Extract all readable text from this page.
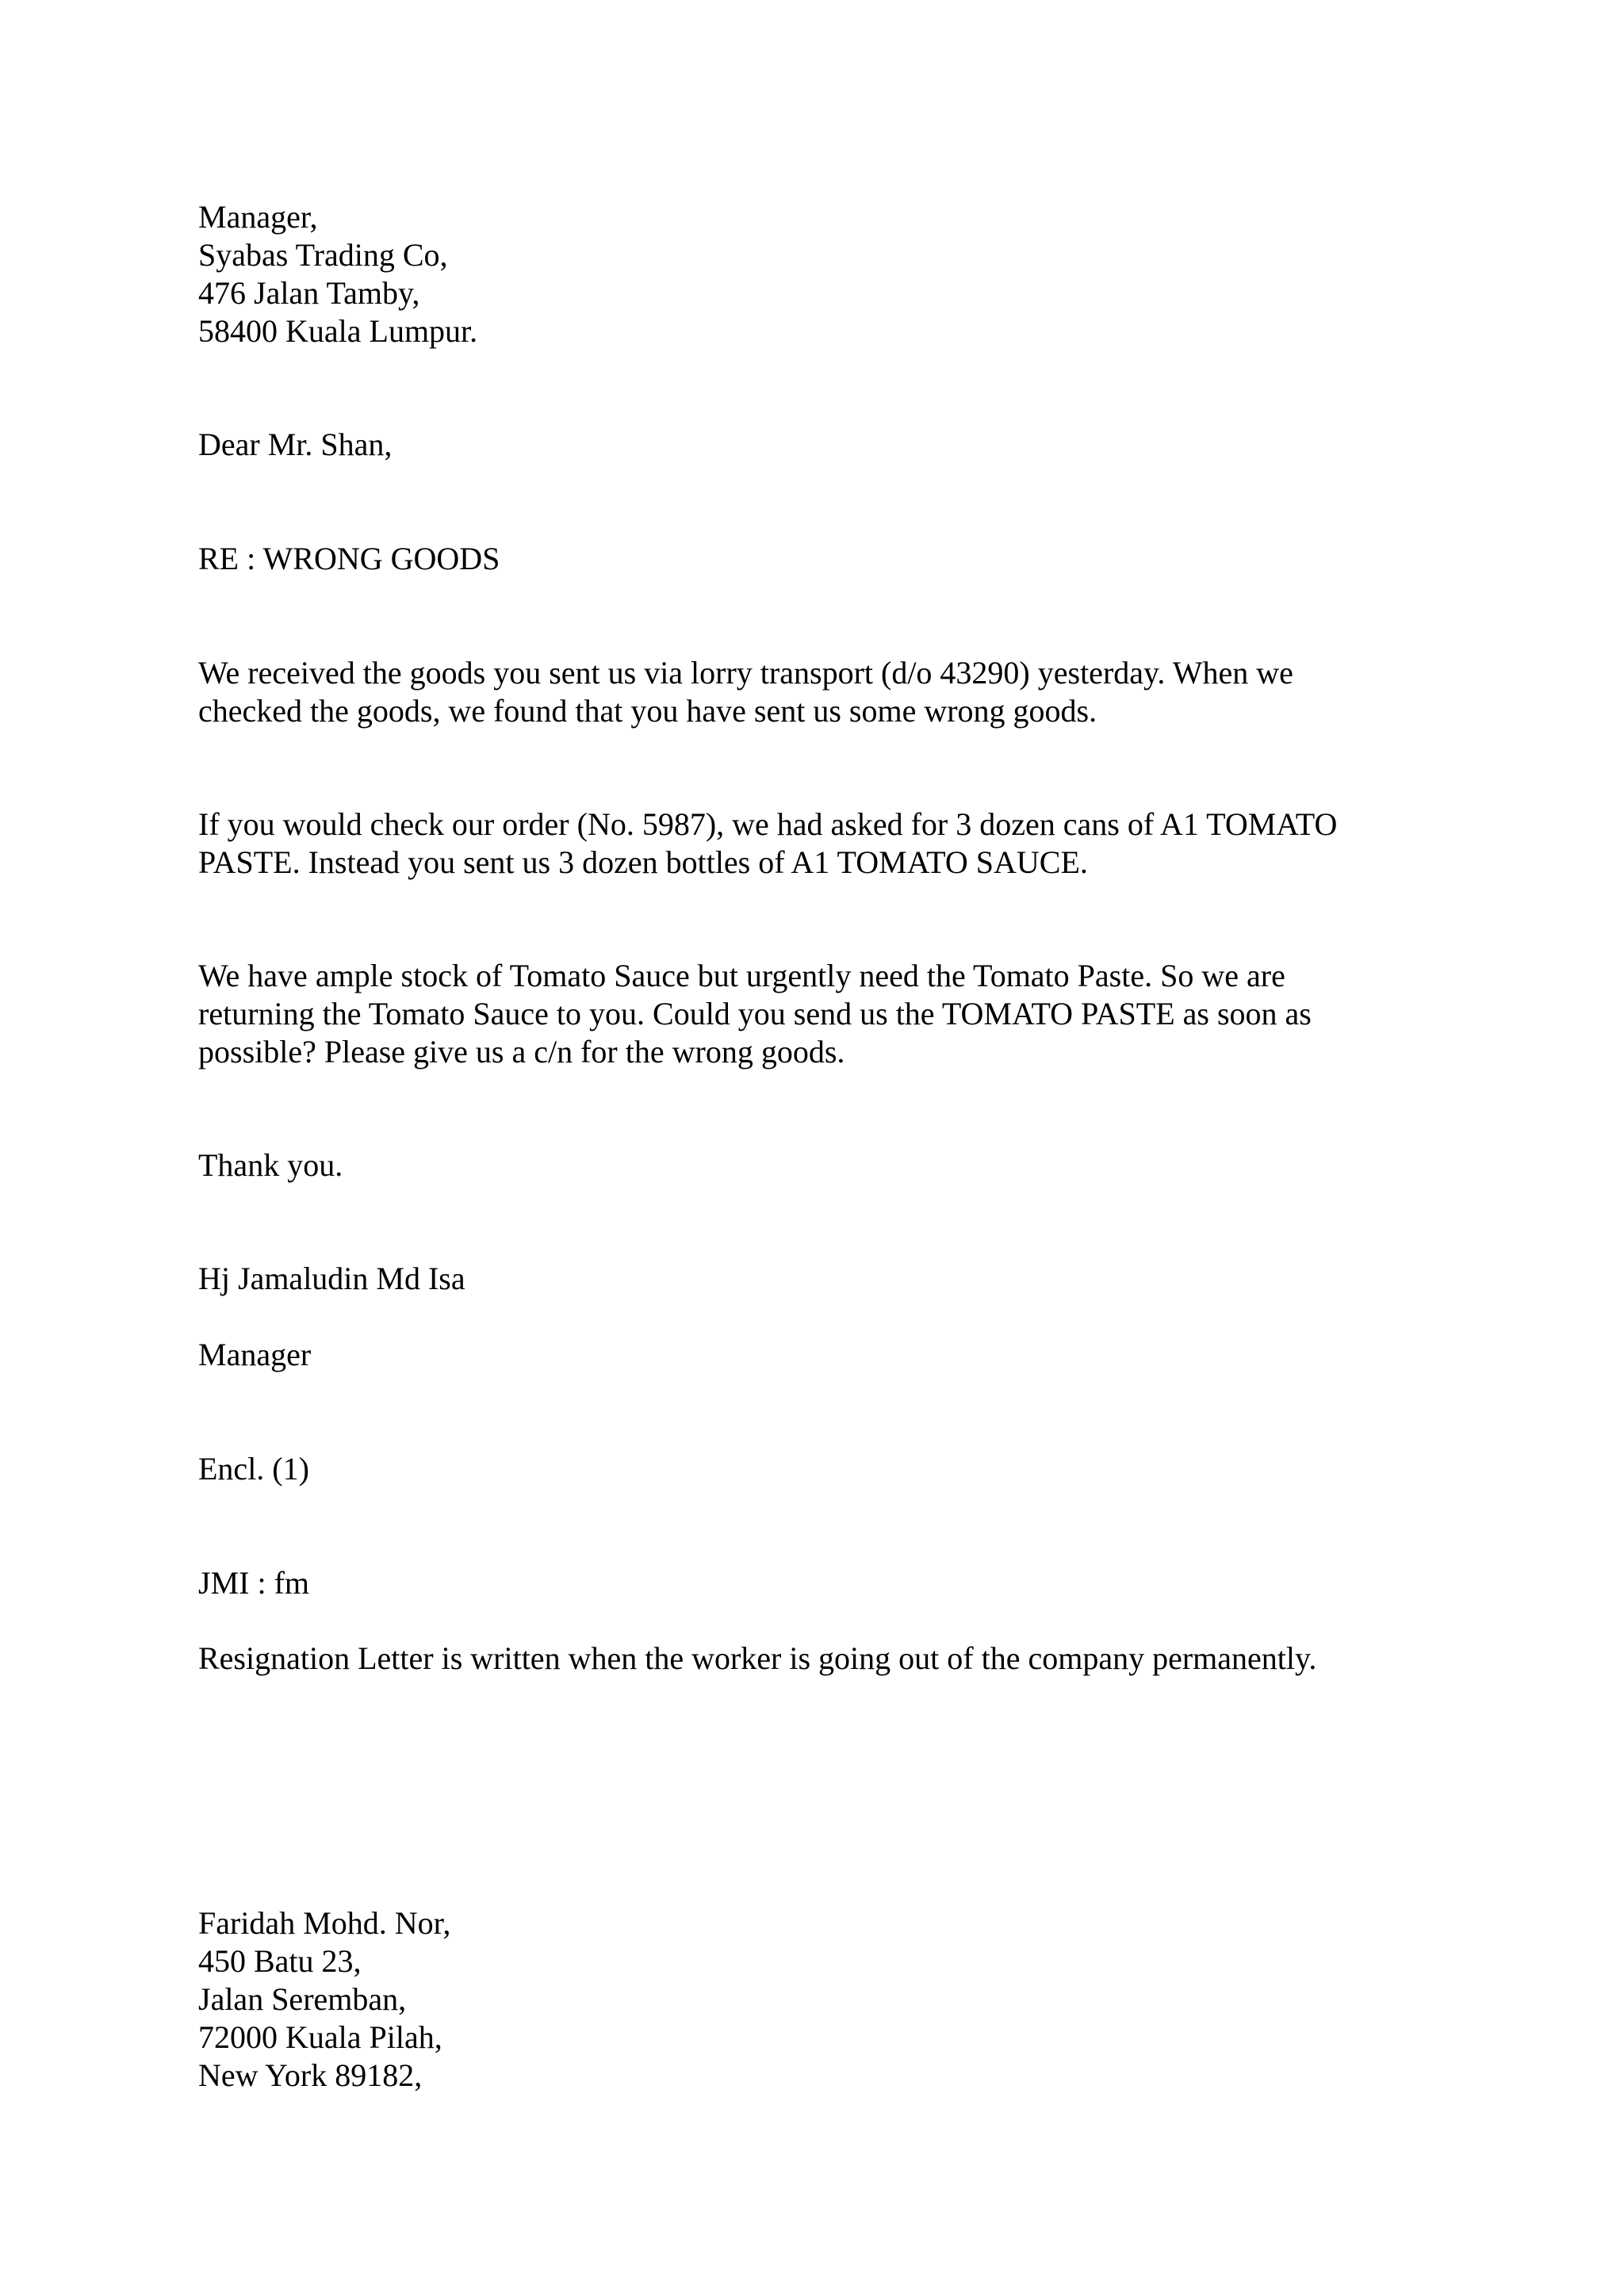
Manager,

Syabas Trading Co,

476 Jalan Tamby,

58400 Kuala Lumpur.

Dear Mr. Shan,

RE : WRONG GOODS

We received the goods you sent us via lorry transport (d/o 43290) yesterday. When we

checked the goods, we found that you have sent us some wrong goods.

If you would check our order (No. 5987), we had asked for 3 dozen cans of A1 TOMATO

PASTE. Instead you sent us 3 dozen bottles of A1 TOMATO SAUCE.

We have ample stock of Tomato Sauce but urgently need the Tomato Paste. So we are

returning the Tomato Sauce to you. Could you send us the TOMATO PASTE as soon as

possible? Please give us a c/n for the wrong goods.

Thank you.

Hj Jamaludin Md Isa

Manager

Encl. (1)

JMI : fm

Resignation Letter is written when the worker is going out of the company permanently.

Faridah Mohd. Nor,

450 Batu 23,

Jalan Seremban,

72000 Kuala Pilah,

New York 89182,
